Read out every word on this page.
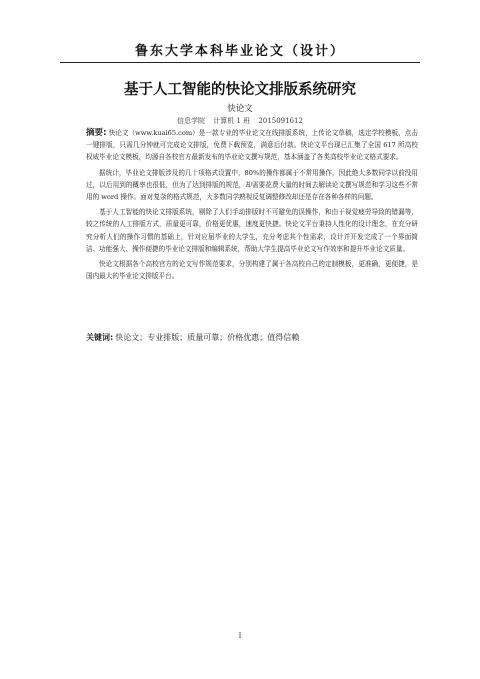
鲁东大学本科毕业论文（设计）
基于人工智能的快论文排版系统研究
快论文
信息学院 计算机 1 班 2015091612

摘要: 快论文（www.kuai65.com）是一款专业的毕业论文在线排版系统，上传论文草稿，选定学校模板，点击一键排版，只需几分钟就可完成论文排版，免费下载预览，满意后付款。快论文平台现已汇集了全国 617 所高校权威毕业论文模板，均源自各校官方最新发布的毕业论文撰写规范，基本涵盖了各类高校毕业论文格式要求。

据统计，毕业论文排版涉及的几十项格式设置中，80%的操作都属于不常用操作，因此绝大多数同学以前没用过，以后用到的概率也很低，但为了达到排版的规范，却需要花费大量的时间去解读论文撰写规范和学习这些不常用的 word 操作。面对复杂的格式规范，大多数同学熟视反复调整修改却还是存在各种各样的问题。

基于人工智能的快论文排版系统，剔除了人们手动排版时不可避免的误操作，和由于视觉疲劳导致的错漏等，较之传统的人工排版方式，质量更可靠，价格更优惠，速度更快捷。快论文平台秉持人性化的设计理念，在充分研究分析人们的操作习惯的基础上，针对应届毕业的大学生，充分考虑其个性需求，设计并开发完成了一个界面简洁、功能强大、操作便捷的毕业论文排版和编辑系统，帮助大学生提高毕业论文写作效率和提升毕业论文质量。

快论文根据各个高校官方的论文写作规范要求，分别构建了属于各高校自己的定制模板，更准确，更便捷，是国内最大的毕业论文排版平台。

关键词: 快论文；专业排版；质量可靠；价格优惠；值得信赖
I
